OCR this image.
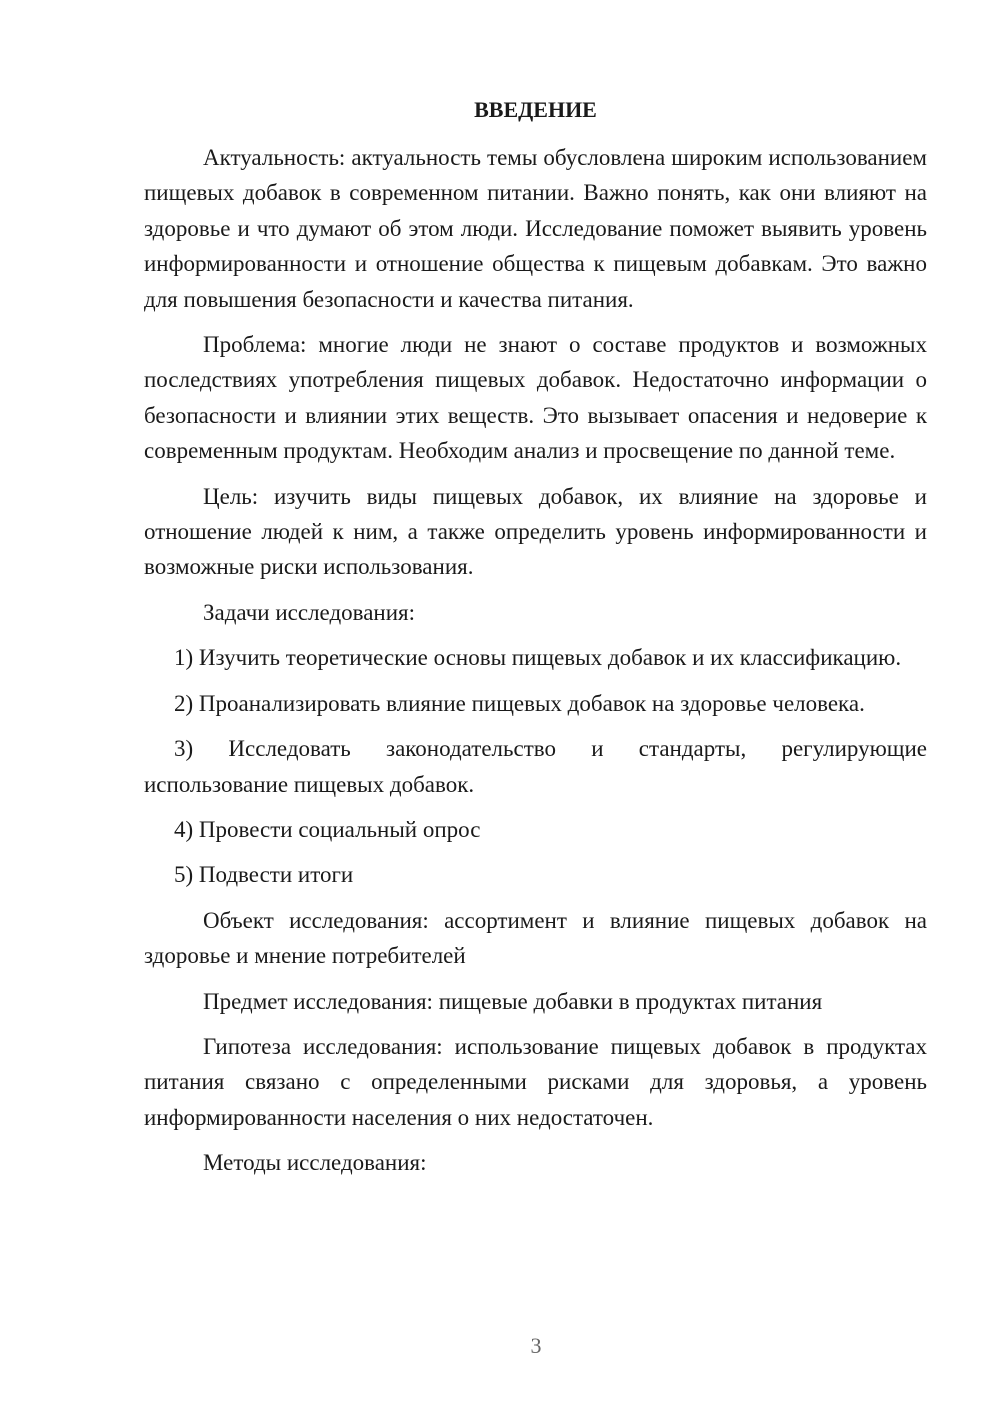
ВВЕДЕНИЕ

Актуальность: актуальность темы обусловлена широким использованием пищевых добавок в современном питании. Важно понять, как они влияют на здоровье и что думают об этом люди. Исследование поможет выявить уровень информированности и отношение общества к пищевым добавкам. Это важно для повышения безопасности и качества питания.

Проблема: многие люди не знают о составе продуктов и возможных последствиях употребления пищевых добавок. Недостаточно информации о безопасности и влиянии этих веществ. Это вызывает опасения и недоверие к современным продуктам. Необходим анализ и просвещение по данной теме.

Цель: изучить виды пищевых добавок, их влияние на здоровье и отношение людей к ним, а также определить уровень информированности и возможные риски использования.

Задачи исследования:

1) Изучить теоретические основы пищевых добавок и их классификацию.

2) Проанализировать влияние пищевых добавок на здоровье человека.

3) Исследовать законодательство и стандарты, регулирующие использование пищевых добавок.

4) Провести социальный опрос

5) Подвести итоги

Объект исследования: ассортимент и влияние пищевых добавок на здоровье и мнение потребителей

Предмет исследования: пищевые добавки в продуктах питания

Гипотеза исследования: использование пищевых добавок в продуктах питания связано с определенными рисками для здоровья, а уровень информированности населения о них недостаточен.

Методы исследования:

3
